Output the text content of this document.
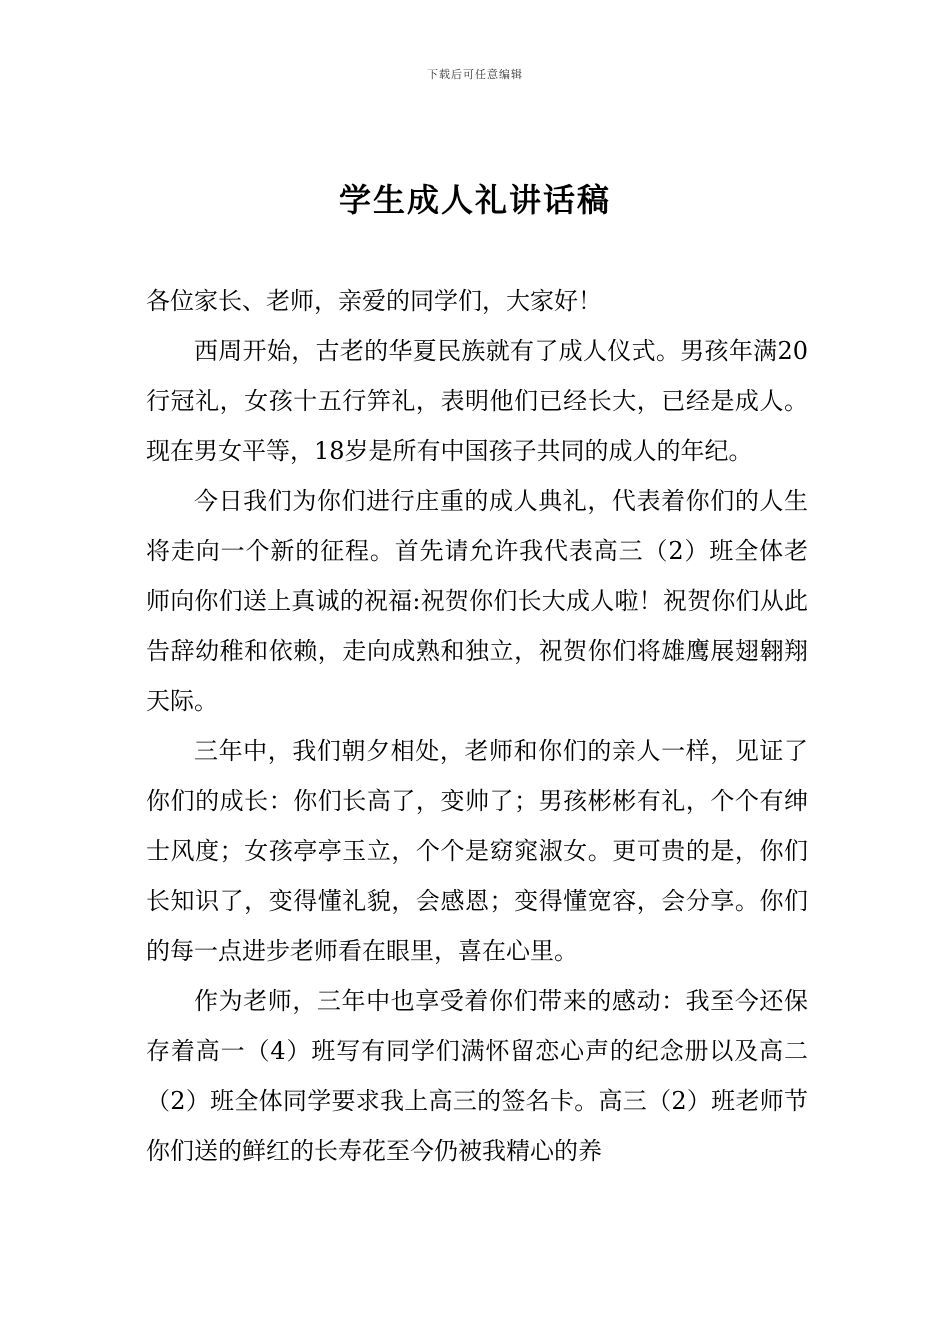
下载后可任意编辑
学生成人礼讲话稿

各位家长、老师，亲爱的同学们，大家好！

西周开始，古老的华夏民族就有了成人仪式。男孩年满20行冠礼，女孩十五行笄礼，表明他们已经长大，已经是成人。现在男女平等，18岁是所有中国孩子共同的成人的年纪。

今日我们为你们进行庄重的成人典礼，代表着你们的人生将走向一个新的征程。首先请允许我代表高三（2）班全体老师向你们送上真诚的祝福:祝贺你们长大成人啦！祝贺你们从此告辞幼稚和依赖，走向成熟和独立，祝贺你们将雄鹰展翅翱翔天际。

三年中，我们朝夕相处，老师和你们的亲人一样，见证了你们的成长：你们长高了，变帅了；男孩彬彬有礼，个个有绅士风度；女孩亭亭玉立，个个是窈窕淑女。更可贵的是，你们长知识了，变得懂礼貌，会感恩；变得懂宽容，会分享。你们的每一点进步老师看在眼里，喜在心里。

作为老师，三年中也享受着你们带来的感动：我至今还保存着高一（4）班写有同学们满怀留恋心声的纪念册以及高二（2）班全体同学要求我上高三的签名卡。高三（2）班老师节你们送的鲜红的长寿花至今仍被我精心的养
